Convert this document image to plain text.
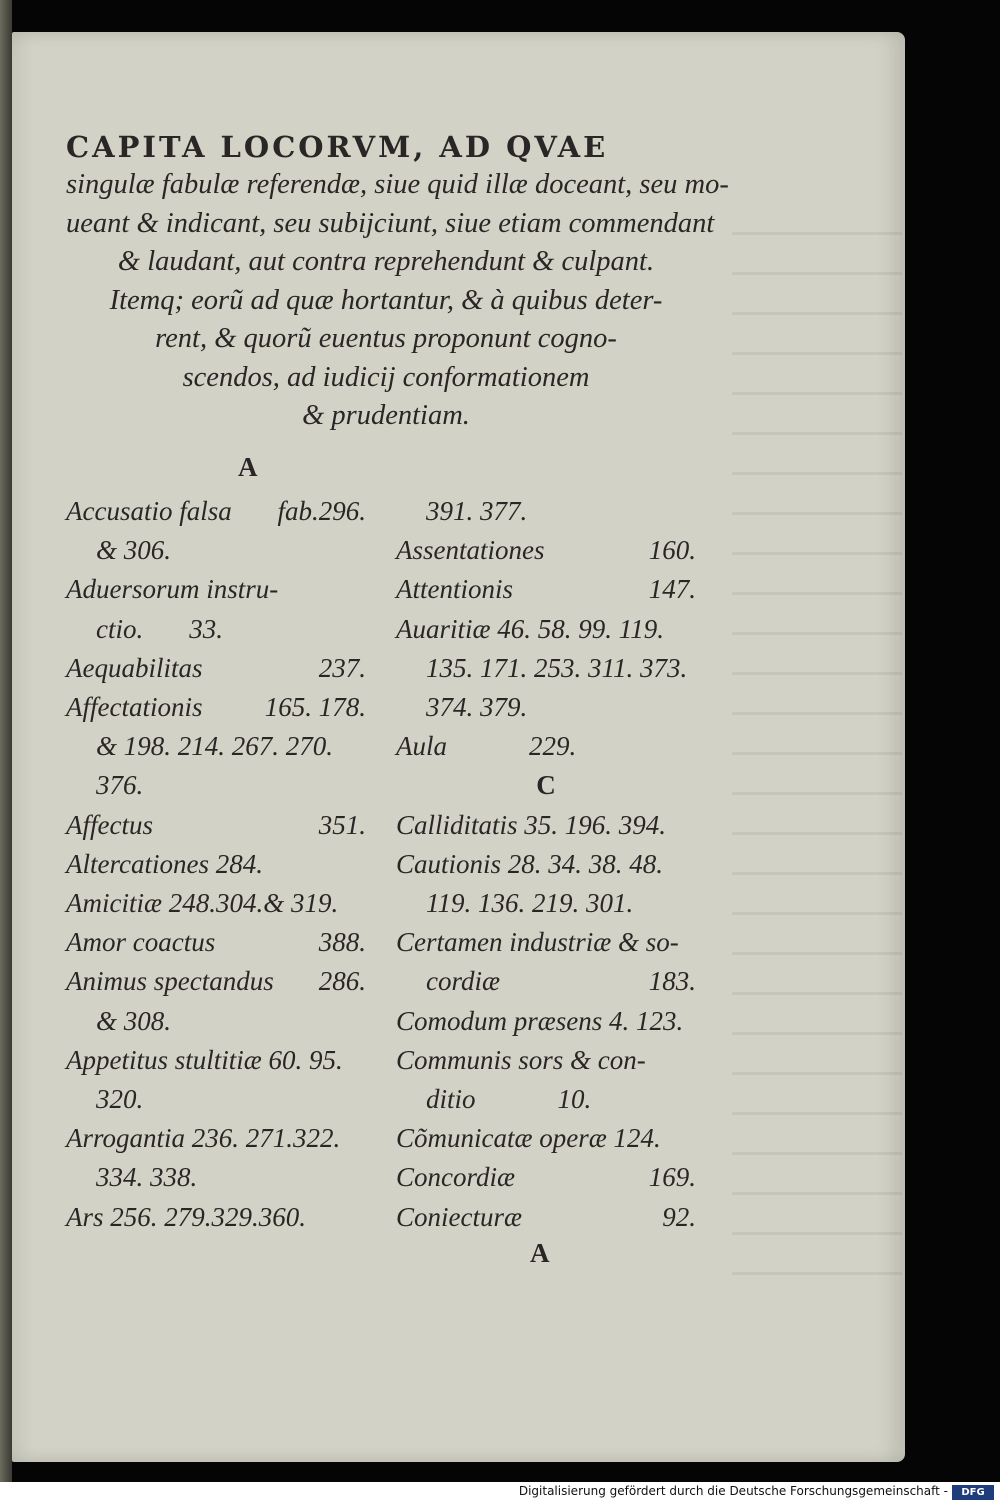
CAPITA LOCORVM, AD QVAE
singulæ fabulæ referendæ, siue quid illæ doceant, seu mo-
ueant & indicant, seu subijciunt, siue etiam commendant
& laudant, aut contra reprehendunt & culpant.
Itemq; eorũ ad quæ hortantur, & à quibus deter-
rent, & quorũ euentus proponunt cogno-
scendos, ad iudicij conformationem
& prudentiam.
A
Accusatio falsa fab.296.
& 306.
Aduersorum instru-
ctio. 33.
Aequabilitas	237.
Affectationis 165. 178.
& 198. 214. 267. 270.
376.
Affectus	351.
Altercationes 284.
Amicitiæ 248.304.& 319.
Amor coactus	388.
Animus spectandus 286.
& 308.
Appetitus stultitiæ 60. 95.
320.
Arrogantia 236. 271.322.
334. 338.
Ars 256. 279.329.360.
391. 377.
Assentationes	160.
Attentionis	147.
Auaritiæ 46. 58. 99. 119.
135. 171. 253. 311. 373.
374. 379.
Aula	229.
C
Calliditatis 35. 196. 394.
Cautionis 28. 34. 38. 48.
119. 136. 219. 301.
Certamen industriæ & so-
cordiæ	183.
Comodum præsens 4. 123.
Communis sors & con-
ditio	10.
Cõmunicatæ operæ 124.
Concordiæ	169.
Coniecturæ	92.
A
Digitalisierung gefördert durch die Deutsche Forschungsgemeinschaft -	DFG
